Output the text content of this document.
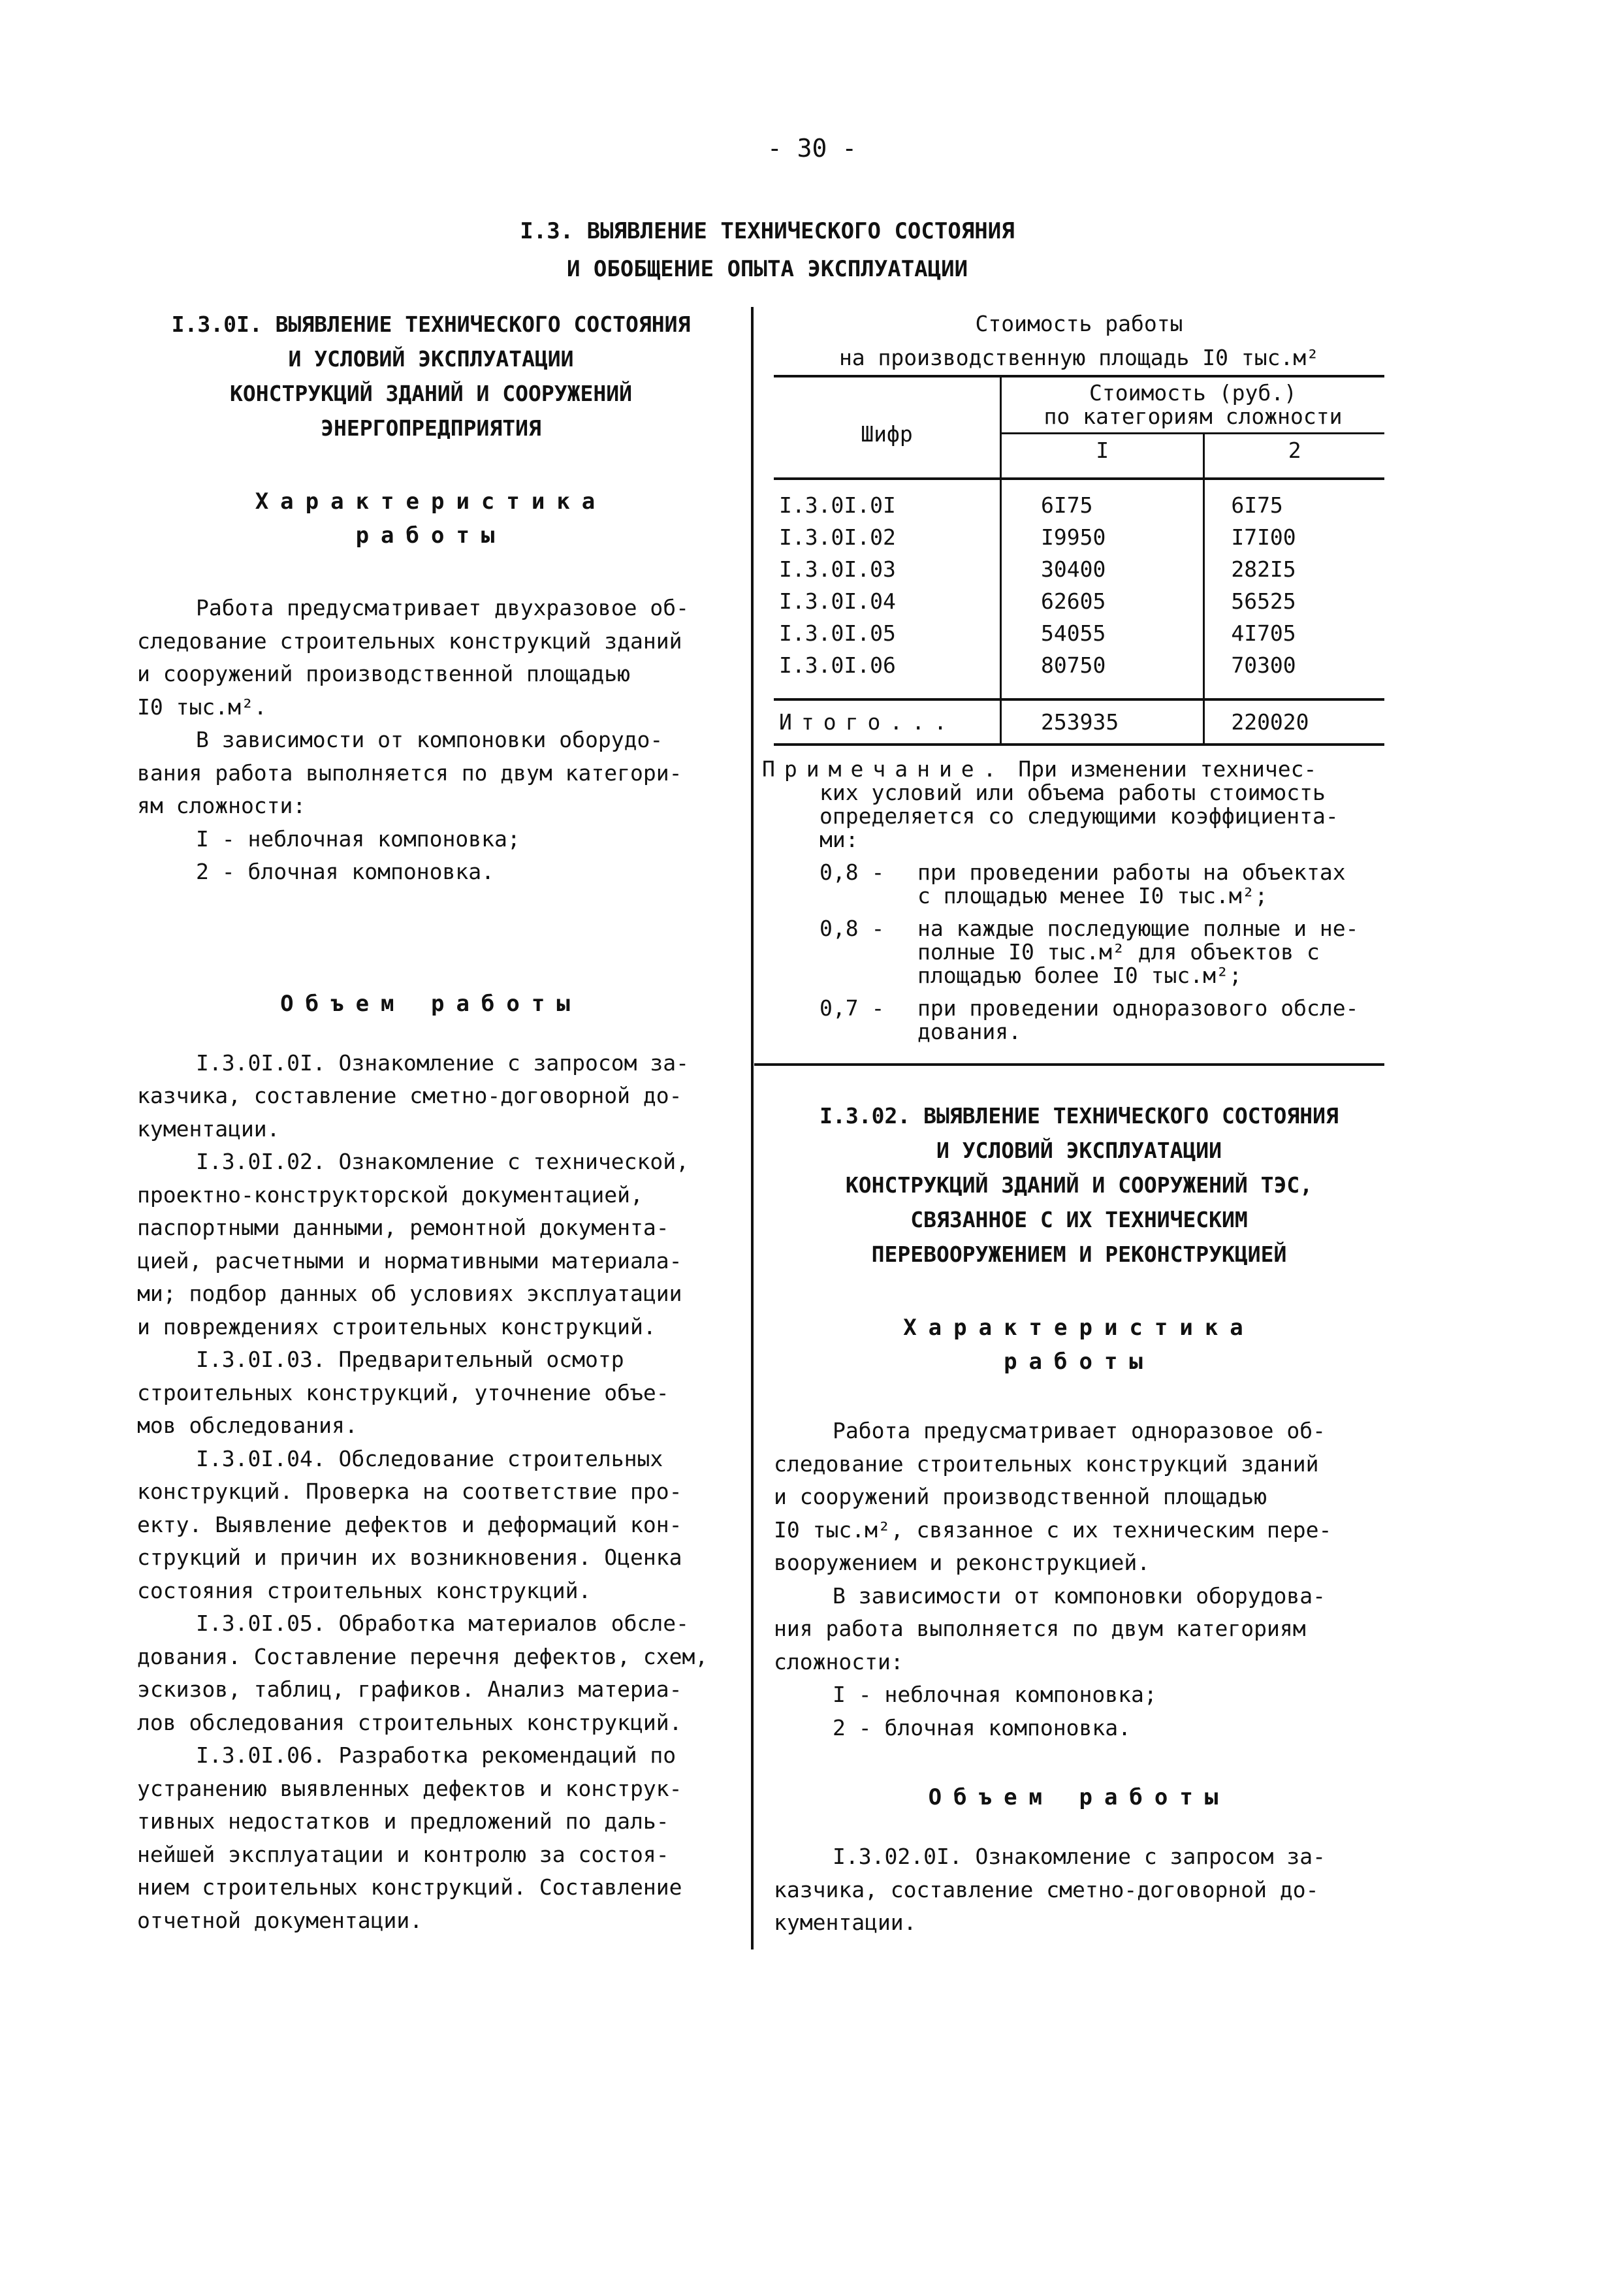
- 30 -
I.3. ВЫЯВЛЕНИЕ ТЕХНИЧЕСКОГО СОСТОЯНИЯ
И ОБОБЩЕНИЕ ОПЫТА ЭКСПЛУАТАЦИИ
I.3.0I. ВЫЯВЛЕНИЕ ТЕХНИЧЕСКОГО СОСТОЯНИЯ
И УСЛОВИЙ ЭКСПЛУАТАЦИИ
КОНСТРУКЦИЙ ЗДАНИЙ И СООРУЖЕНИЙ
ЭНЕРГОПРЕДПРИЯТИЯ
Характеристика
работы
Работа предусматривает двухразовое об-
следование строительных конструкций зданий
и сооружений производственной площадью
I0 тыс.м².
В зависимости от компоновки оборудо-
вания работа выполняется по двум категори-
ям сложности:
I - неблочная компоновка;
2 - блочная компоновка.
Объем работы
I.3.0I.0I. Ознакомление с запросом за-
казчика, составление сметно-договорной до-
кументации.
I.3.0I.02. Ознакомление с технической,
проектно-конструкторской документацией,
паспортными данными, ремонтной документа-
цией, расчетными и нормативными материала-
ми; подбор данных об условиях эксплуатации
и повреждениях строительных конструкций.
I.3.0I.03. Предварительный осмотр
строительных конструкций, уточнение объе-
мов обследования.
I.3.0I.04. Обследование строительных
конструкций. Проверка на соответствие про-
екту. Выявление дефектов и деформаций кон-
струкций и причин их возникновения. Оценка
состояния строительных конструкций.
I.3.0I.05. Обработка материалов обсле-
дования. Составление перечня дефектов, схем,
эскизов, таблиц, графиков. Анализ материа-
лов обследования строительных конструкций.
I.3.0I.06. Разработка рекомендаций по
устранению выявленных дефектов и конструк-
тивных недостатков и предложений по даль-
нейшей эксплуатации и контролю за состоя-
нием строительных конструкций. Составление
отчетной документации.
Стоимость работы
на производственную площадь I0 тыс.м²
Шифр	Стоимость (руб.)
по категориям сложности	

	I	2
I.3.0I.0I	6I75	6I75
I.3.0I.02	I9950	I7I00
I.3.0I.03	30400	282I5
I.3.0I.04	62605	56525
I.3.0I.05	54055	4I705
I.3.0I.06	80750	70300
Итого...	253935	220020
Примечание. При изменении техничес-
ких условий или объема работы стоимость
определяется со следующими коэффициента-
ми:
0,8 -	при проведении работы на объектах
с площадью менее I0 тыс.м²;
0,8 -	на каждые последующие полные и не-
полные I0 тыс.м² для объектов с
площадью более I0 тыс.м²;
0,7 -	при проведении одноразового обсле-
дования.
I.3.02. ВЫЯВЛЕНИЕ ТЕХНИЧЕСКОГО СОСТОЯНИЯ
И УСЛОВИЙ ЭКСПЛУАТАЦИИ
КОНСТРУКЦИЙ ЗДАНИЙ И СООРУЖЕНИЙ ТЭС,
СВЯЗАННОЕ С ИХ ТЕХНИЧЕСКИМ
ПЕРЕВООРУЖЕНИЕМ И РЕКОНСТРУКЦИЕЙ
Характеристика
работы
Работа предусматривает одноразовое об-
следование строительных конструкций зданий
и сооружений производственной площадью
I0 тыс.м², связанное с их техническим пере-
вооружением и реконструкцией.
В зависимости от компоновки оборудова-
ния работа выполняется по двум категориям
сложности:
I - неблочная компоновка;
2 - блочная компоновка.
Объем работы
I.3.02.0I. Ознакомление с запросом за-
казчика, составление сметно-договорной до-
кументации.
